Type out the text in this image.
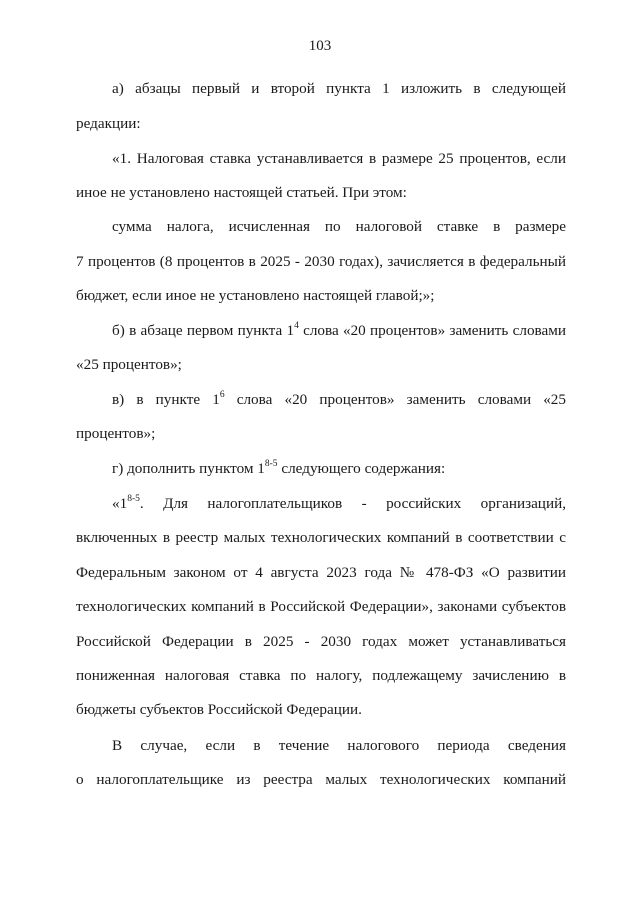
103
а) абзацы первый и второй пункта 1 изложить в следующей
редакции:
«1. Налоговая ставка устанавливается в размере 25 процентов, если
иное не установлено настоящей статьей. При этом:
сумма налога, исчисленная по налоговой ставке в размере
7 процентов (8 процентов в 2025 - 2030 годах), зачисляется в федеральный
бюджет, если иное не установлено настоящей главой;»;
б) в абзаце первом пункта $1^4$ слова «20 процентов» заменить словами
«25 процентов»;
в) в пункте $1^6$ слова «20 процентов» заменить словами «25
процентов»;
г) дополнить пунктом 1$^{8-5}$ следующего содержания:
«1$^{8-5}$. Для налогоплательщиков - российских организаций,
включенных в реестр малых технологических компаний в соответствии с
Федеральным законом от 4 августа 2023 года № 478-ФЗ «О развитии
технологических компаний в Российской Федерации», законами субъектов
Российской Федерации в 2025 - 2030 годах может устанавливаться
пониженная налоговая ставка по налогу, подлежащему зачислению в
бюджеты субъектов Российской Федерации.
В случае, если в течение налогового периода сведения
о налогоплательщике из реестра малых технологических компаний
